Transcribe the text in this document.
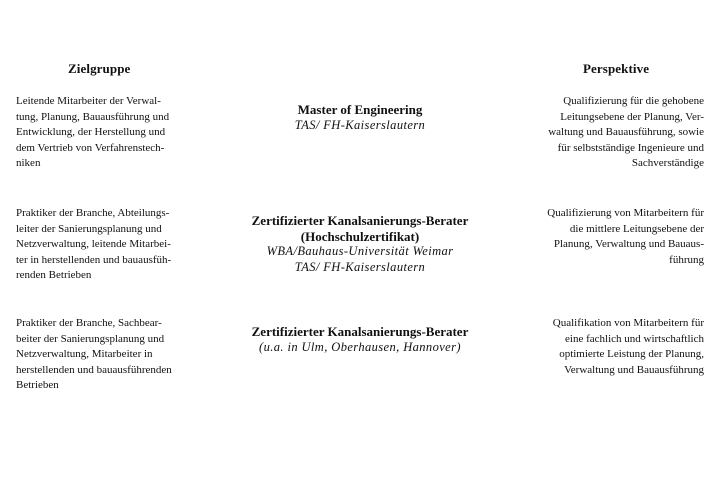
Zielgruppe	Perspektive
Leitende Mitarbeiter der Verwal-
tung, Planung, Bauausführung und
Entwicklung, der Herstellung und
dem Vertrieb von Verfahrenstech-
niken
Master of Engineering
TAS/ FH-Kaiserslautern
Qualifizierung für die gehobene
Leitungsebene der Planung, Ver-
waltung und Bauausführung, sowie
für selbstständige Ingenieure und
Sachverständige
Praktiker der Branche, Abteilungs-
leiter der Sanierungsplanung und
Netzverwaltung, leitende Mitarbei-
ter in herstellenden und bauausfüh-
renden Betrieben
Zertifizierter Kanalsanierungs-Berater
(Hochschulzertifikat)
WBA/Bauhaus-Universität Weimar
TAS/ FH-Kaiserslautern
Qualifizierung von Mitarbeitern für
die mittlere Leitungsebene der
Planung, Verwaltung und Bauaus-
führung
Praktiker der Branche, Sachbear-
beiter der Sanierungsplanung und
Netzverwaltung, Mitarbeiter in
herstellenden und bauausführenden
Betrieben
Zertifizierter Kanalsanierungs-Berater
(u.a. in Ulm, Oberhausen, Hannover)
Qualifikation von Mitarbeitern für
eine fachlich und wirtschaftlich
optimierte Leistung der Planung,
Verwaltung und Bauausführung
